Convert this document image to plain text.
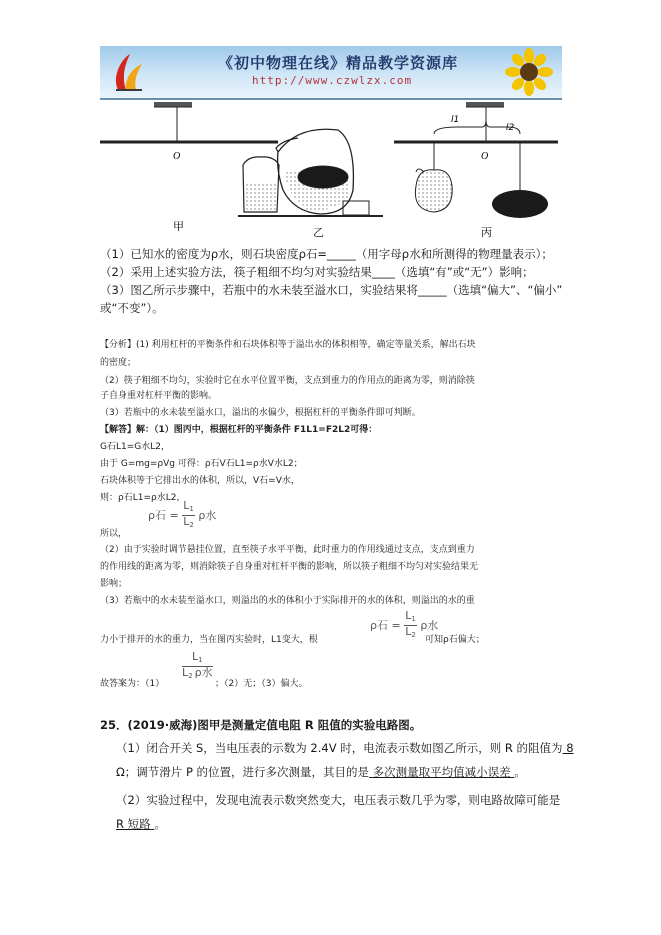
《初中物理在线》精品教学资源库
http://www.czwlzx.com
O
甲	乙
l1
l2
O
丙
（1）已知水的密度为ρ水，则石块密度ρ石=_____（用字母ρ水和所测得的物理量表示）；
（2）采用上述实验方法，筷子粗细不均匀对实验结果____（选填“有”或“无”）影响；
（3）图乙所示步骤中，若瓶中的水未装至溢水口，实验结果将_____（选填“偏大”、“偏小”
或“不变”）。
【分析】(1) 利用杠杆的平衡条件和石块体积等于溢出水的体积相等，确定等量关系，解出石块
的密度；
（2）筷子粗细不均匀，实验时它在水平位置平衡，支点到重力的作用点的距离为零，则消除筷
子自身重对杠杆平衡的影响。
（3）若瓶中的水未装至溢水口，溢出的水偏少，根据杠杆的平衡条件即可判断。
【解答】解：（1）图丙中，根据杠杆的平衡条件 F1L1=F2L2可得：
G石L1=G水L2，
由于 G=mg=ρVg 可得：ρ石V石L1=ρ水V水L2；
石块体积等于它排出水的体积，所以，V石=V水，
则：ρ石L1=ρ水L2，
ρ石 = $\frac{L_1}{L_2}$ ρ水
所以，
（2）由于实验时调节悬挂位置，直至筷子水平平衡，此时重力的作用线通过支点，支点到重力
的作用线的距离为零，则消除筷子自身重对杠杆平衡的影响，所以筷子粗细不均匀对实验结果无
影响；
（3）若瓶中的水未装至溢水口，则溢出的水的体积小于实际排开的水的体积，则溢出的水的重
ρ石 = $\frac{L_1}{L_2}$ ρ水
力小于排开的水的重力，当在图丙实验时，L1变大，根	可知ρ石偏大；
$L_1$
$L_2$ ρ水
故答案为：（1）	；（2）无；（3）偏大。
25．(2019·威海)图甲是测量定值电阻 R 阻值的实验电路图。
（1）闭合开关 S，当电压表的示数为 2.4V 时，电流表示数如图乙所示，则 R 的阻值为 8
Ω；调节滑片 P 的位置，进行多次测量，其目的是 多次测量取平均值减小误差 。
（2）实验过程中，发现电流表示数突然变大，电压表示数几乎为零，则电路故障可能是
R 短路 。
